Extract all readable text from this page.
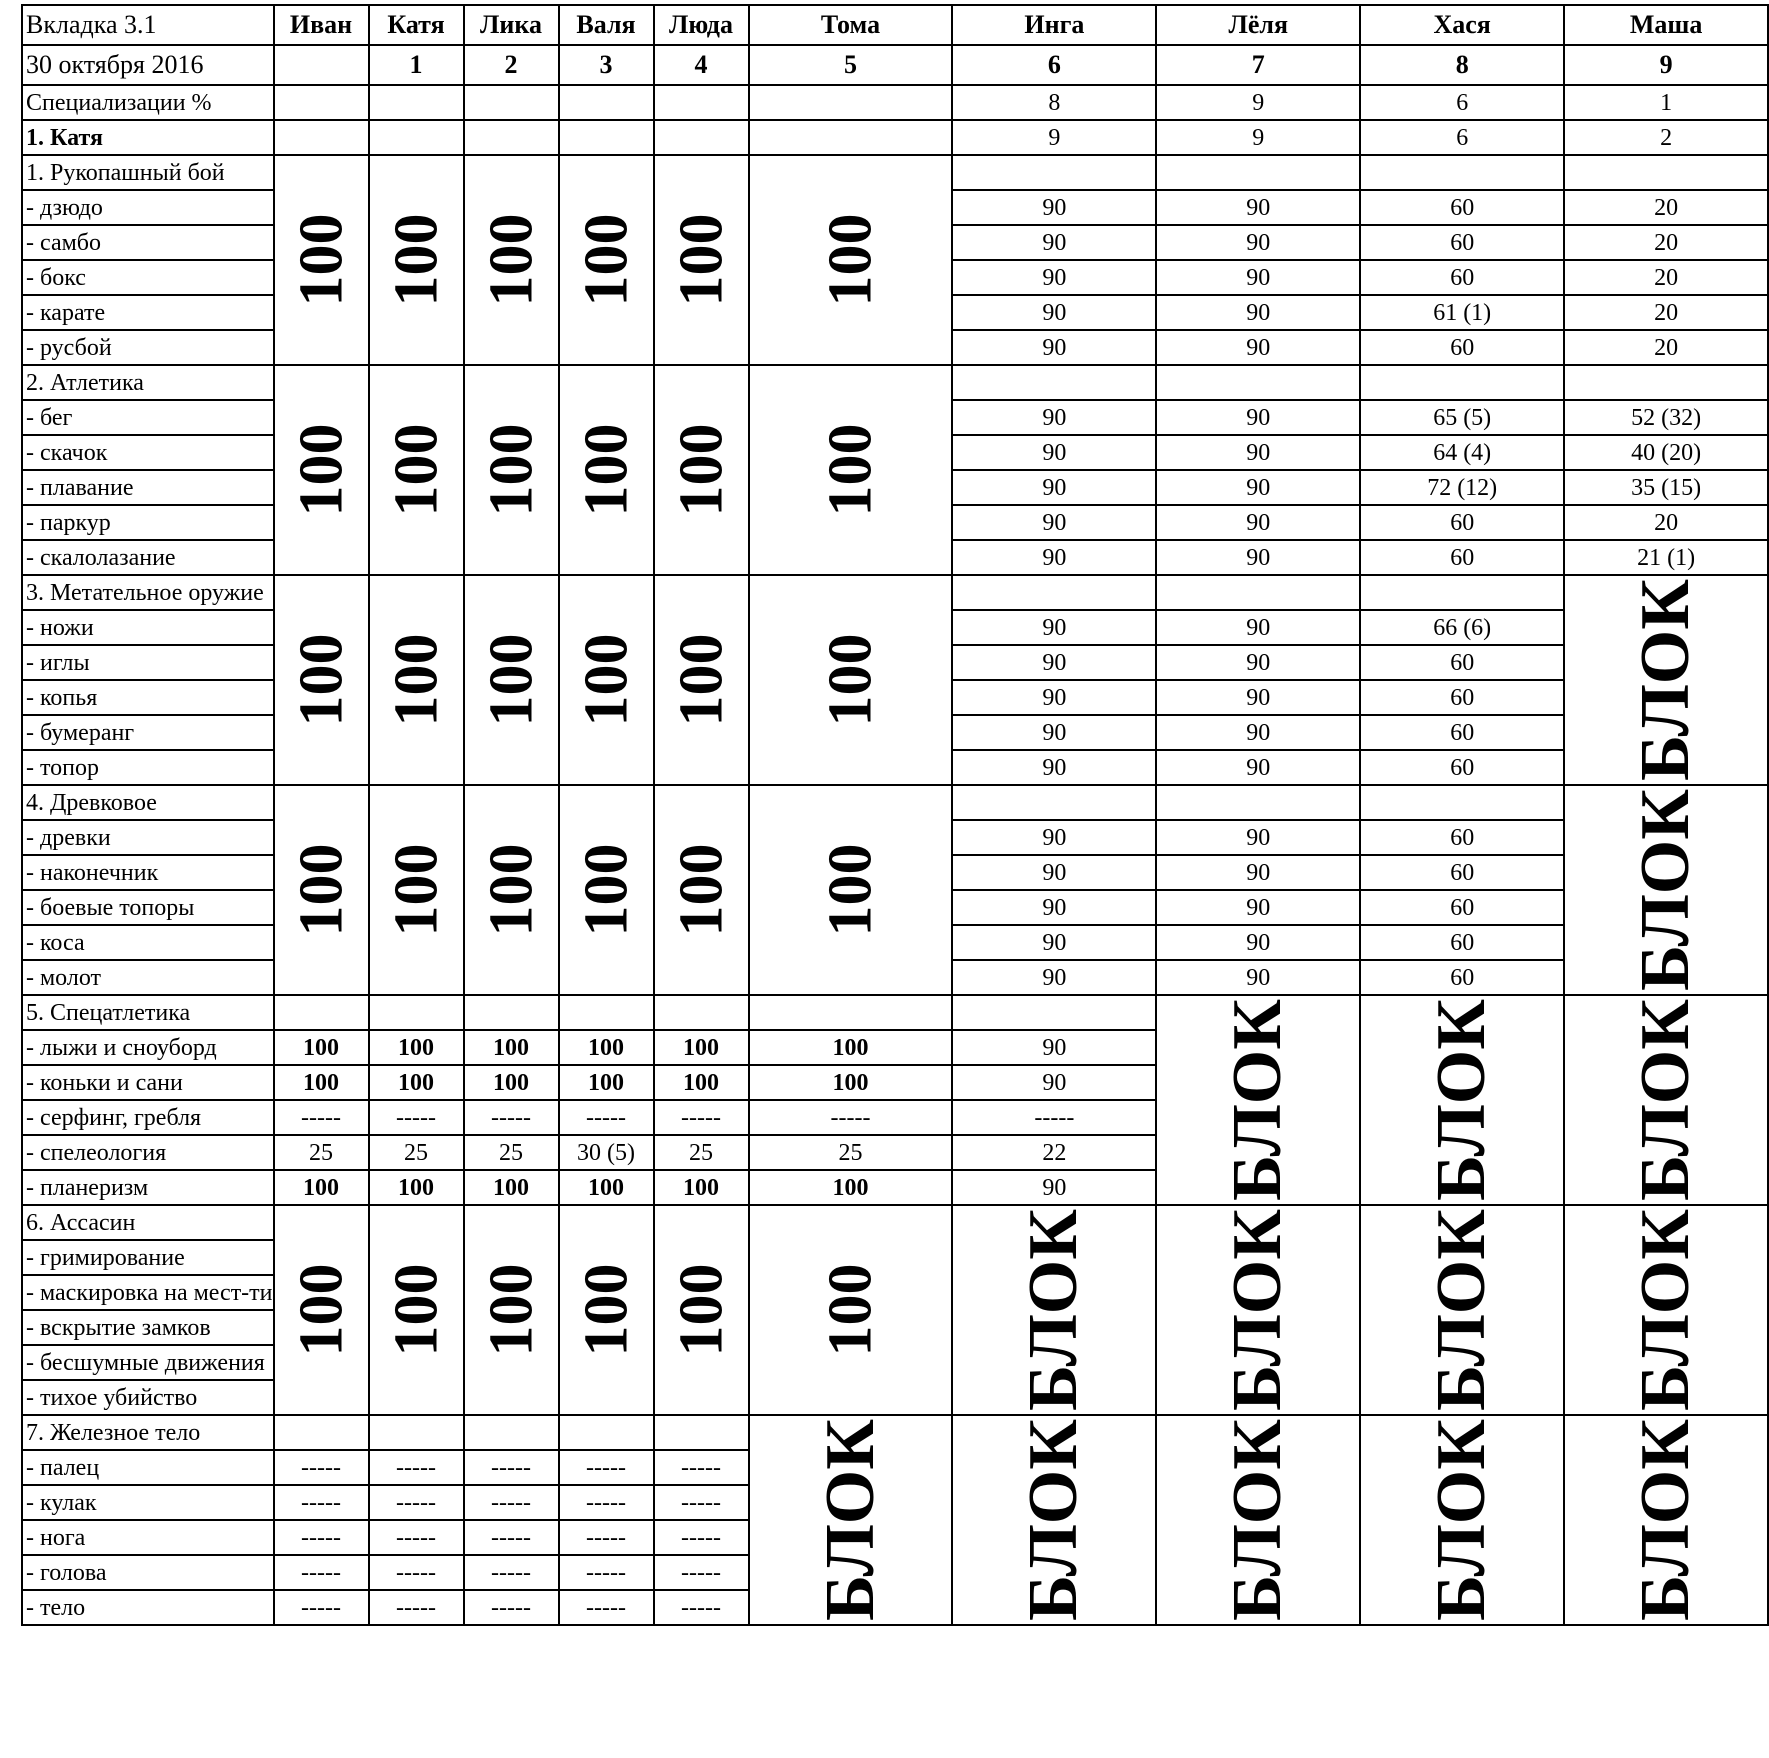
Вкладка 3.1	Иван	Катя	Лика	Валя	Люда	Тома	Инга	Лёля	Хася	Маша
30 октября 2016		1	2	3	4	5	6	7	8	9
Специализации %							8	9	6	1
1. Катя							9	9	6	2
1. Рукопашный бой	100	100	100	100	100	100				
- дзюдо							90	90	60	20
- самбо							90	90	60	20
- бокс							90	90	60	20
- карате							90	90	61 (1)	20
- русбой							90	90	60	20
2. Атлетика	100	100	100	100	100	100				
- бег							90	90	65 (5)	52 (32)
- скачок							90	90	64 (4)	40 (20)
- плавание							90	90	72 (12)	35 (15)
- паркур							90	90	60	20
- скалолазание							90	90	60	21 (1)
3. Метательное оружие	100	100	100	100	100	100				БЛОК
- ножи							90	90	66 (6)	
- иглы							90	90	60	
- копья							90	90	60	
- бумеранг							90	90	60	
- топор							90	90	60	
4. Древковое	100	100	100	100	100	100				БЛОК
- древки							90	90	60	
- наконечник							90	90	60	
- боевые топоры							90	90	60	
- коса							90	90	60	
- молот							90	90	60	
5. Спецатлетика								БЛОК	БЛОК	БЛОК
- лыжи и сноуборд	100	100	100	100	100	100	90			
- коньки и сани	100	100	100	100	100	100	90			
- серфинг, гребля	-----	-----	-----	-----	-----	-----	-----			
- спелеология	25	25	25	30 (5)	25	25	22			
- планеризм	100	100	100	100	100	100	90			
6. Ассасин	100	100	100	100	100	100	БЛОК	БЛОК	БЛОК	БЛОК
- гримирование										
- маскировка на мест-ти										
- вскрытие замков										
- бесшумные движения										
- тихое убийство										
7. Железное тело						БЛОК	БЛОК	БЛОК	БЛОК	БЛОК
- палец	-----	-----	-----	-----	-----					
- кулак	-----	-----	-----	-----	-----					
- нога	-----	-----	-----	-----	-----					
- голова	-----	-----	-----	-----	-----					
- тело	-----	-----	-----	-----	-----					
